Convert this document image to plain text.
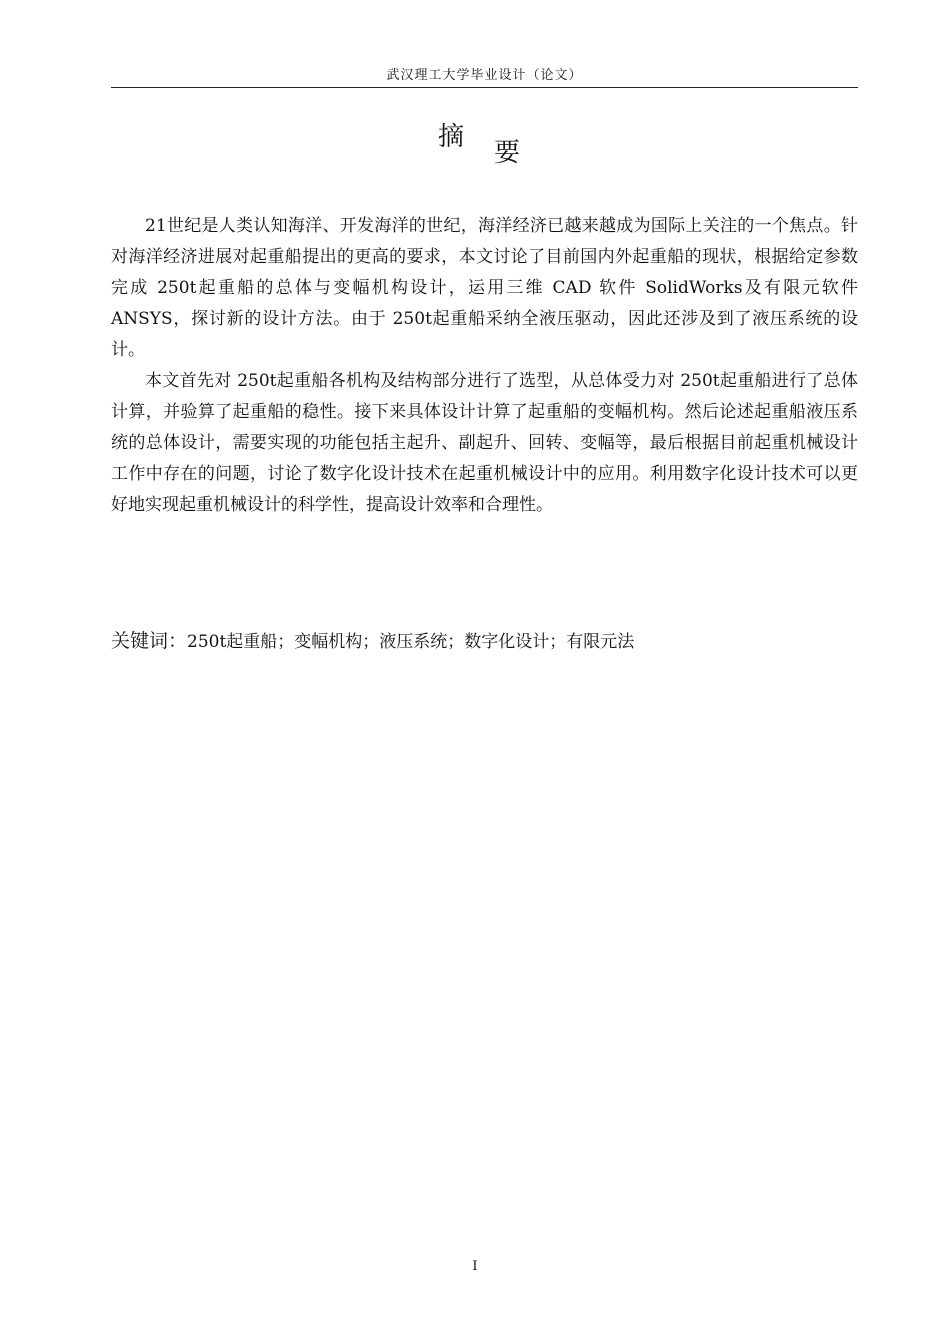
武汉理工大学毕业设计（论文）
摘
要

21世纪是人类认知海洋、开发海洋的世纪，海洋经济已越来越成为国际上关注的一个焦点。针对海洋经济进展对起重船提出的更高的要求，本文讨论了目前国内外起重船的现状，根据给定参数完成 250t起重船的总体与变幅机构设计，运用三维 CAD 软件 SolidWorks及有限元软件 ANSYS，探讨新的设计方法。由于 250t起重船采纳全液压驱动，因此还涉及到了液压系统的设计。

本文首先对 250t起重船各机构及结构部分进行了选型，从总体受力对 250t起重船进行了总体计算，并验算了起重船的稳性。接下来具体设计计算了起重船的变幅机构。然后论述起重船液压系统的总体设计，需要实现的功能包括主起升、副起升、回转、变幅等，最后根据目前起重机械设计工作中存在的问题，讨论了数字化设计技术在起重机械设计中的应用。利用数字化设计技术可以更好地实现起重机械设计的科学性，提高设计效率和合理性。

关键词：250t起重船；变幅机构；液压系统；数字化设计；有限元法
I
